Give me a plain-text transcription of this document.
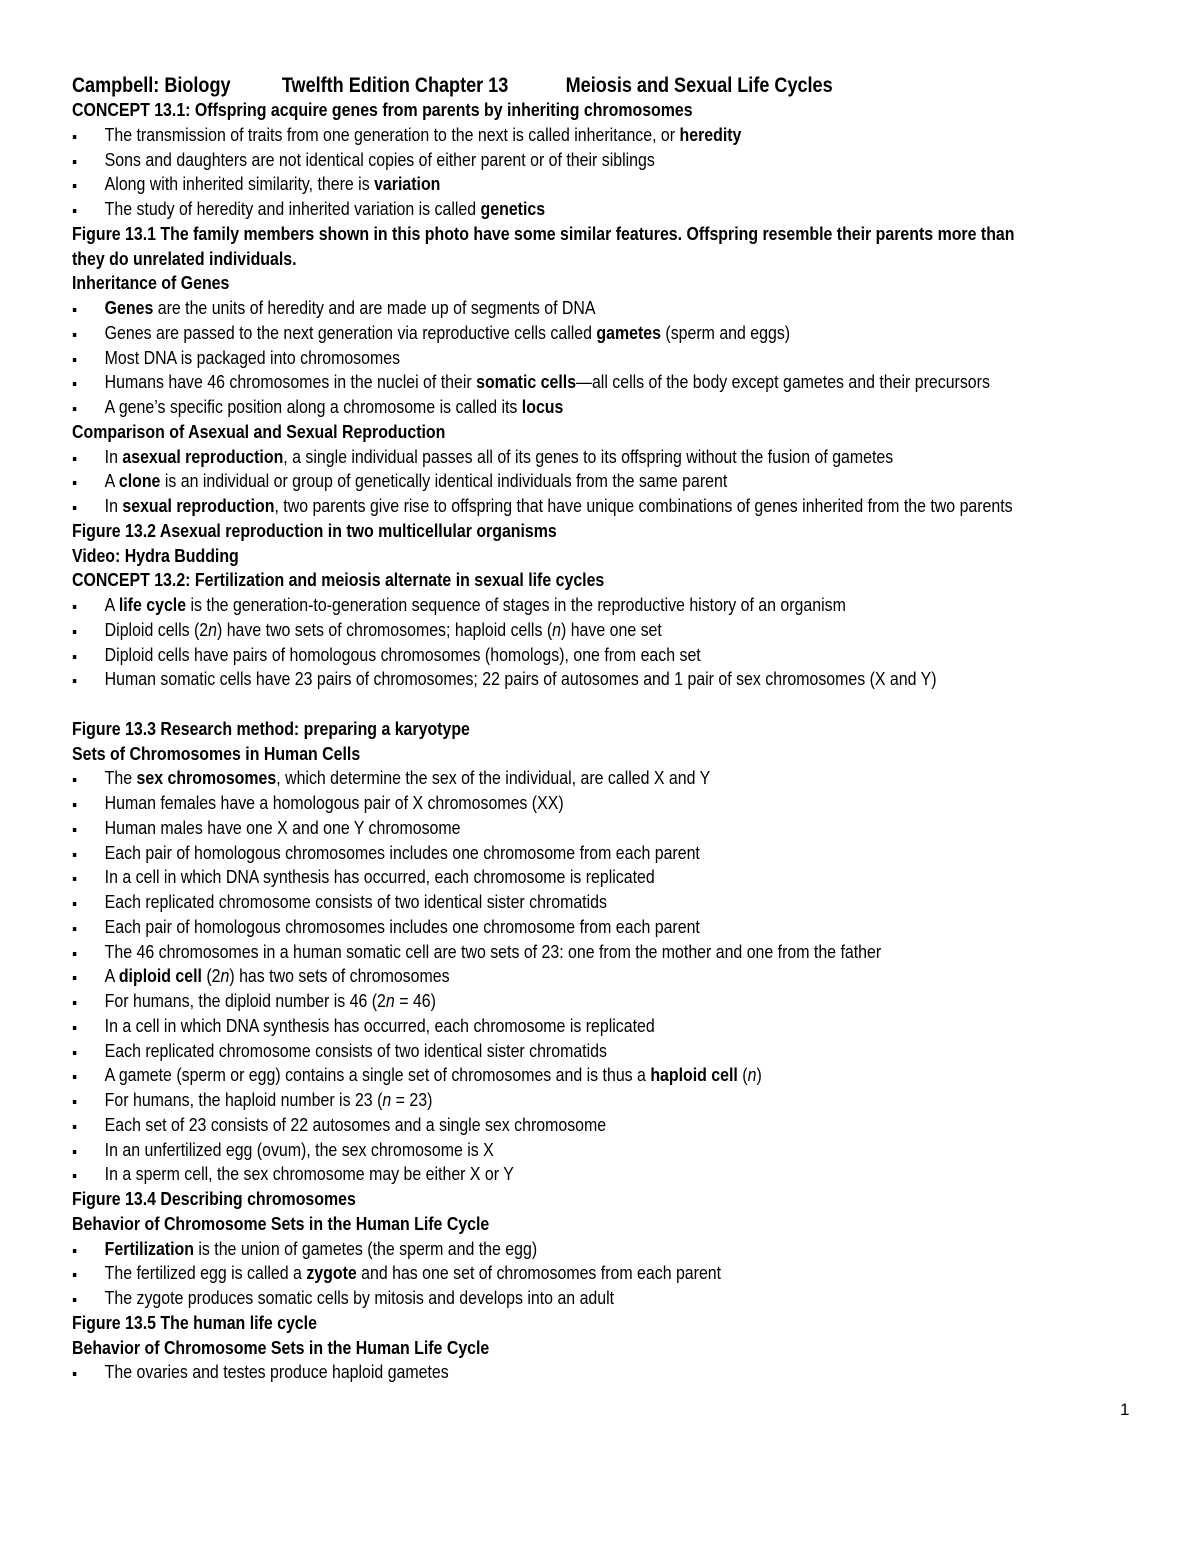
Campbell: Biology Twelfth Edition Chapter 13	Meiosis and Sexual Life Cycles
CONCEPT 13.1: Offspring acquire genes from parents by inheriting chromosomes
The transmission of traits from one generation to the next is called inheritance, or heredity
Sons and daughters are not identical copies of either parent or of their siblings
Along with inherited similarity, there is variation
The study of heredity and inherited variation is called genetics
Figure 13.1 The family members shown in this photo have some similar features. Offspring resemble their parents more than
they do unrelated individuals.
Inheritance of Genes
Genes are the units of heredity and are made up of segments of DNA
Genes are passed to the next generation via reproductive cells called gametes (sperm and eggs)
Most DNA is packaged into chromosomes
Humans have 46 chromosomes in the nuclei of their somatic cells—all cells of the body except gametes and their precursors
A gene’s specific position along a chromosome is called its locus
Comparison of Asexual and Sexual Reproduction
In asexual reproduction, a single individual passes all of its genes to its offspring without the fusion of gametes
A clone is an individual or group of genetically identical individuals from the same parent
In sexual reproduction, two parents give rise to offspring that have unique combinations of genes inherited from the two parents
Figure 13.2 Asexual reproduction in two multicellular organisms
Video: Hydra Budding
CONCEPT 13.2: Fertilization and meiosis alternate in sexual life cycles
A life cycle is the generation-to-generation sequence of stages in the reproductive history of an organism
Diploid cells (2n) have two sets of chromosomes; haploid cells (n) have one set
Diploid cells have pairs of homologous chromosomes (homologs), one from each set
Human somatic cells have 23 pairs of chromosomes; 22 pairs of autosomes and 1 pair of sex chromosomes (X and Y)
Figure 13.3 Research method: preparing a karyotype
Sets of Chromosomes in Human Cells
The sex chromosomes, which determine the sex of the individual, are called X and Y
Human females have a homologous pair of X chromosomes (XX)
Human males have one X and one Y chromosome
Each pair of homologous chromosomes includes one chromosome from each parent
In a cell in which DNA synthesis has occurred, each chromosome is replicated
Each replicated chromosome consists of two identical sister chromatids
Each pair of homologous chromosomes includes one chromosome from each parent
The 46 chromosomes in a human somatic cell are two sets of 23: one from the mother and one from the father
A diploid cell (2n) has two sets of chromosomes
For humans, the diploid number is 46 (2n = 46)
In a cell in which DNA synthesis has occurred, each chromosome is replicated
Each replicated chromosome consists of two identical sister chromatids
A gamete (sperm or egg) contains a single set of chromosomes and is thus a haploid cell (n)
For humans, the haploid number is 23 (n = 23)
Each set of 23 consists of 22 autosomes and a single sex chromosome
In an unfertilized egg (ovum), the sex chromosome is X
In a sperm cell, the sex chromosome may be either X or Y
Figure 13.4 Describing chromosomes
Behavior of Chromosome Sets in the Human Life Cycle
Fertilization is the union of gametes (the sperm and the egg)
The fertilized egg is called a zygote and has one set of chromosomes from each parent
The zygote produces somatic cells by mitosis and develops into an adult
Figure 13.5 The human life cycle
Behavior of Chromosome Sets in the Human Life Cycle
The ovaries and testes produce haploid gametes
1
